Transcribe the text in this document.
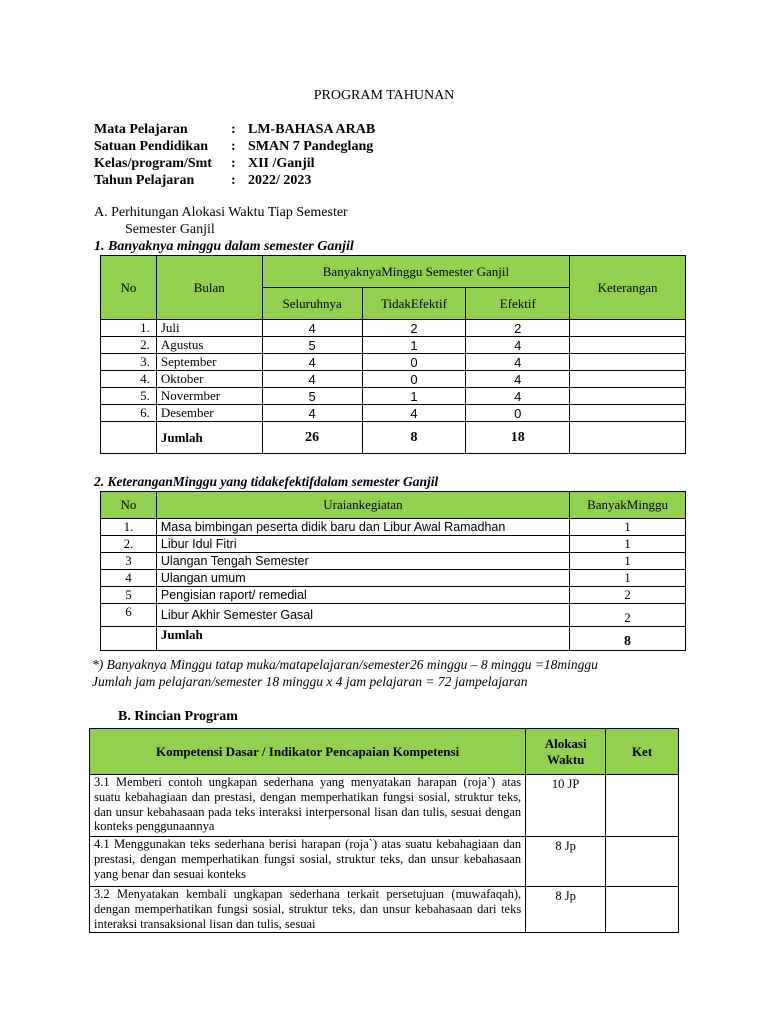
PROGRAM TAHUNAN
Mata Pelajaran	: LM-BAHASA ARAB
Satuan Pendidikan	: SMAN 7 Pandeglang
Kelas/program/Smt	: XII /Ganjil
Tahun Pelajaran	: 2022/ 2023
A. Perhitungan Alokasi Waktu Tiap Semester
Semester Ganjil
1. Banyaknya minggu dalam semester Ganjil
No	Bulan	BanyaknyaMinggu Semester Ganjil			Keterangan
		Seluruhnya	TidakEfektif	Efektif	
1.	Juli	4	2	2	
2.	Agustus	5	1	4	
3.	September	4	0	4	
4.	Oktober	4	0	4	
5.	Novermber	5	1	4	
6.	Desember	4	4	0	
	Jumlah	26	8	18	
2. KeteranganMinggu yang tidakefektifdalam semester Ganjil
No	Uraiankegiatan	BanyakMinggu
1.	Masa bimbingan peserta didik baru dan Libur Awal Ramadhan	1
2.	Libur Idul Fitri	1
3	Ulangan Tengah Semester	1
4	Ulangan umum	1
5	Pengisian raport/ remedial	2
6	Libur Akhir Semester Gasal	2
	Jumlah	8
*) Banyaknya Minggu tatap muka/matapelajaran/semester26 minggu – 8 minggu =18minggu
Jumlah jam pelajaran/semester 18 minggu x 4 jam pelajaran = 72 jampelajaran
B. Rincian Program
Kompetensi Dasar / Indikator Pencapaian Kompetensi	Alokasi Waktu	Ket
3.1 Memberi contoh ungkapan sederhana yang menyatakan harapan (roja`) atas suatu kebahagiaan dan prestasi, dengan memperhatikan fungsi sosial, struktur teks, dan unsur kebahasaan pada teks interaksi interpersonal lisan dan tulis, sesuai dengan konteks penggunaannya	10 JP	
4.1 Menggunakan teks sederhana berisi harapan (roja`) atas suatu kebahagiaan dan prestasi, dengan memperhatikan fungsi sosial, struktur teks, dan unsur kebahasaan yang benar dan sesuai konteks	8 Jp	

3.2 Menyatakan kembali ungkapan sederhana terkait persetujuan (muwafaqah), dengan memperhatikan fungsi sosial, struktur teks, dan unsur kebahasaan dari teks interaksi transaksional lisan dan tulis, sesuai	8 Jp	
